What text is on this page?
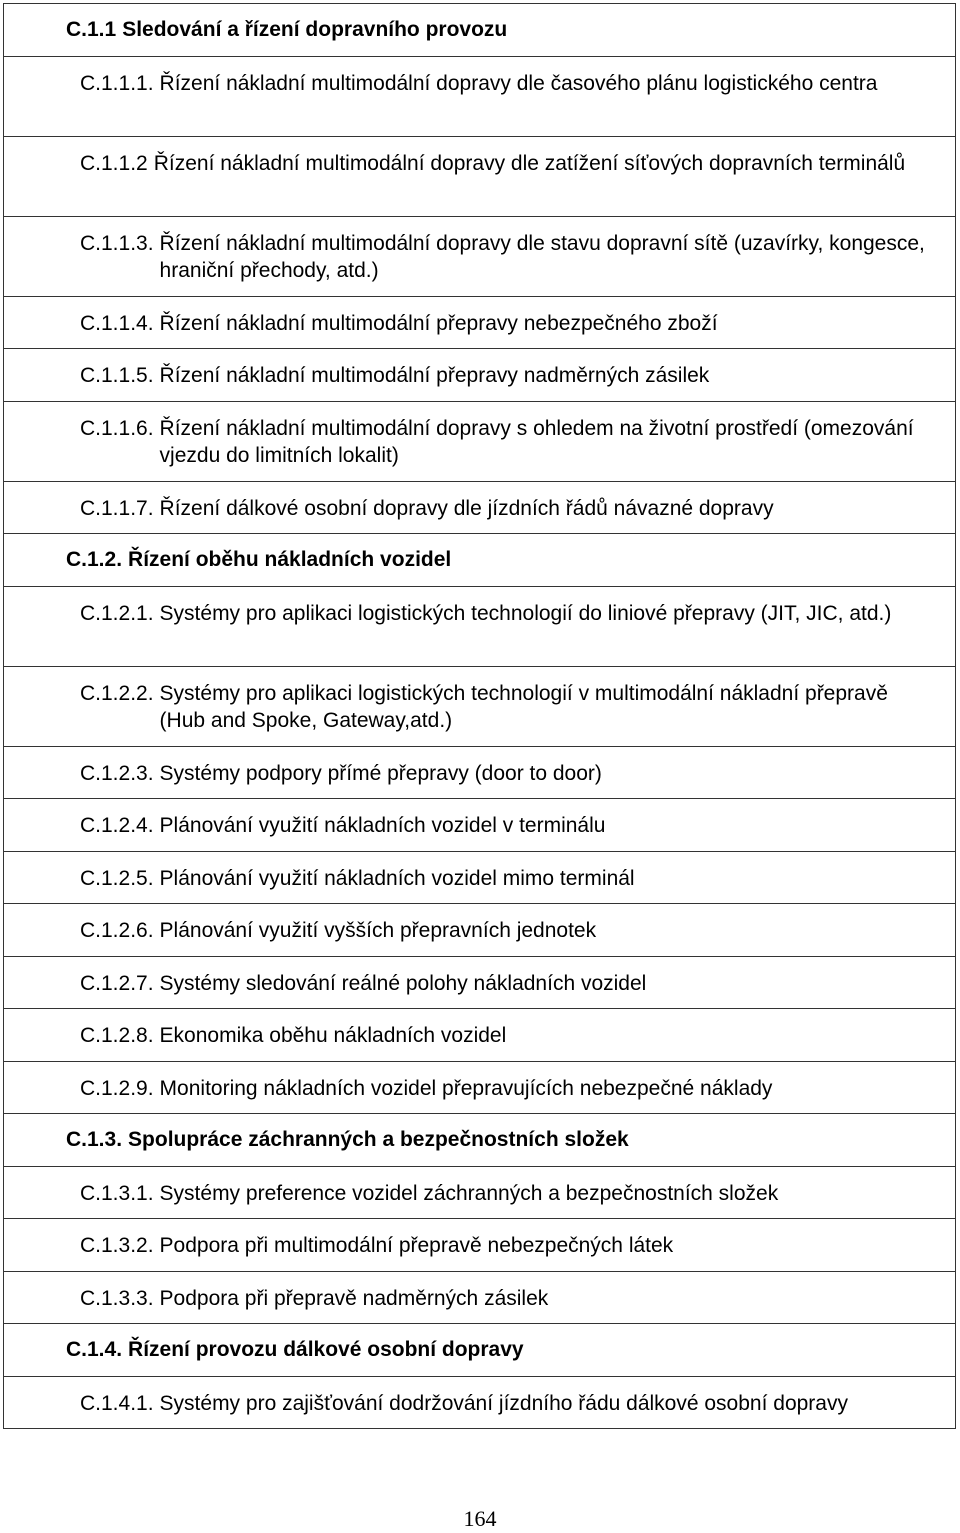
C.1.1 Sledování a řízení dopravního provozu
C.1.1.1. Řízení nákladní multimodální dopravy dle časového plánu logistického centra
C.1.1.2 Řízení nákladní multimodální dopravy dle zatížení síťových dopravních terminálů
C.1.1.3. Řízení nákladní multimodální dopravy dle stavu dopravní sítě (uzavírky, kongesce, hraniční přechody, atd.)
C.1.1.4. Řízení nákladní multimodální přepravy nebezpečného zboží
C.1.1.5. Řízení nákladní multimodální přepravy nadměrných zásilek
C.1.1.6. Řízení nákladní multimodální dopravy s ohledem na životní prostředí (omezování vjezdu do limitních lokalit)
C.1.1.7. Řízení dálkové osobní dopravy dle jízdních řádů návazné dopravy
C.1.2. Řízení oběhu nákladních vozidel
C.1.2.1. Systémy pro aplikaci logistických technologií do liniové přepravy (JIT, JIC, atd.)
C.1.2.2. Systémy pro aplikaci logistických technologií v multimodální nákladní přepravě (Hub and Spoke, Gateway,atd.)
C.1.2.3. Systémy podpory přímé přepravy (door to door)
C.1.2.4. Plánování využití nákladních vozidel v terminálu
C.1.2.5. Plánování využití nákladních vozidel mimo terminál
C.1.2.6. Plánování využití vyšších přepravních jednotek
C.1.2.7. Systémy sledování reálné polohy nákladních vozidel
C.1.2.8. Ekonomika oběhu nákladních vozidel
C.1.2.9. Monitoring nákladních vozidel přepravujících nebezpečné náklady
C.1.3. Spolupráce záchranných a bezpečnostních složek
C.1.3.1. Systémy preference vozidel záchranných a bezpečnostních složek
C.1.3.2. Podpora při multimodální přepravě nebezpečných látek
C.1.3.3. Podpora při přepravě nadměrných zásilek
C.1.4. Řízení provozu dálkové osobní dopravy
C.1.4.1. Systémy pro zajišťování dodržování jízdního řádu dálkové osobní dopravy
164
